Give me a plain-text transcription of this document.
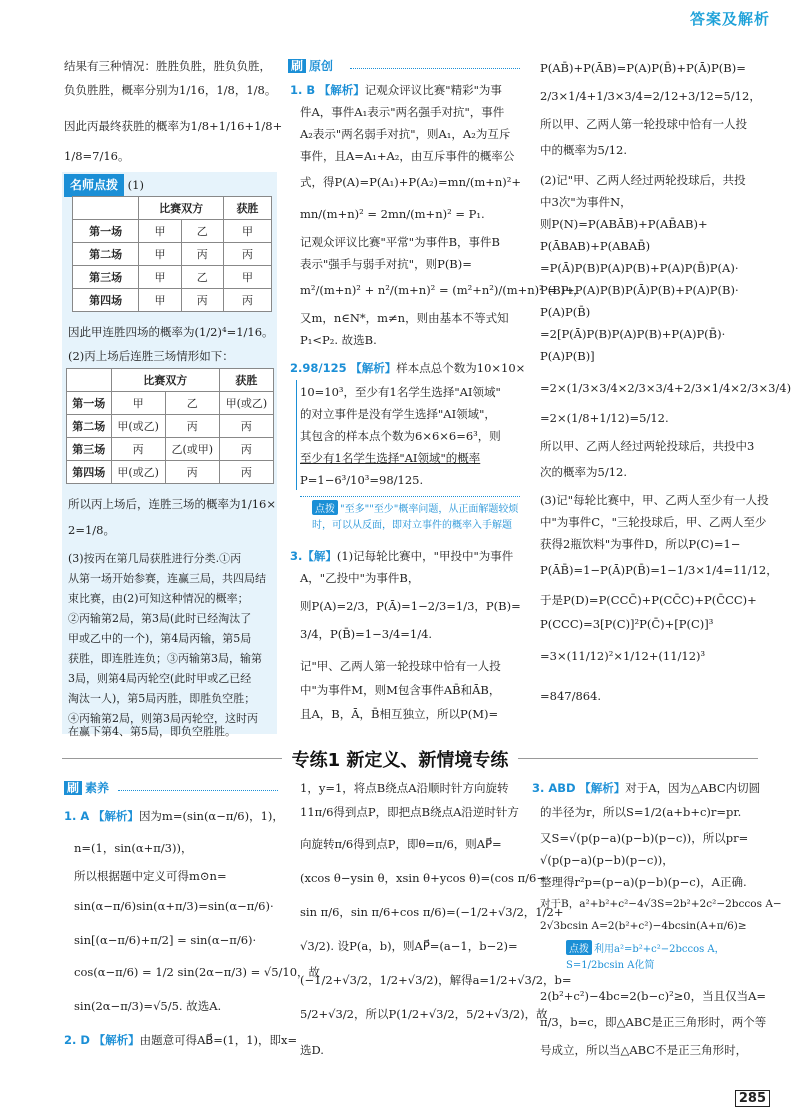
答案及解析
结果有三种情况：胜胜负胜，胜负负胜，
负负胜胜，概率分别为1/16，1/8，1/8。
因此丙最终获胜的概率为1/8+1/16+1/8+
1/8=7/16。
名师点拨 (1)
	比赛双方		获胜
第一场	甲	乙	甲
第二场	甲	丙	丙
第三场	甲	乙	甲
第四场	甲	丙	丙
因此甲连胜四场的概率为(1/2)⁴=1/16。
(2)丙上场后连胜三场情形如下：
	比赛双方		获胜
第一场	甲	乙	甲(或乙)
第二场	甲(或乙)	丙	丙
第三场	丙	乙(或甲)	丙
第四场	甲(或乙)	丙	丙
所以丙上场后，连胜三场的概率为1/16×
2=1/8。
(3)按丙在第几局获胜进行分类.①丙
从第一场开始参赛，连赢三局，共四局结
束比赛，由(2)可知这种情况的概率；
②丙输第2局，第3局(此时已经淘汰了
甲或乙中的一个)，第4局丙输，第5局
获胜，即连胜连负；③丙输第3局，输第
3局，则第4局丙轮空(此时甲或乙已经
淘汰一人)，第5局丙胜，即胜负空胜；
④丙输第2局，则第3局丙轮空，这时丙
在赢下第4、第5局，即负空胜胜。
刷 原创
1. B 【解析】记观众评议比赛"精彩"为事
件A，事件A₁表示"两名强手对抗"，事件
A₂表示"两名弱手对抗"，则A₁，A₂为互斥
事件，且A=A₁+A₂，由互斥事件的概率公
式，得P(A)=P(A₁)+P(A₂)=mn/(m+n)²+
mn/(m+n)² = 2mn/(m+n)² = P₁.
记观众评议比赛"平常"为事件B，事件B
表示"强手与弱手对抗"，则P(B)=
m²/(m+n)² + n²/(m+n)² = (m²+n²)/(m+n)² = P₂，
又m，n∈N*，m≠n，则由基本不等式知
P₁<P₂. 故选B.
2.98/125 【解析】样本点总个数为10×10×
10=10³，至少有1名学生选择"AI领域"
的对立事件是没有学生选择"AI领域"，
其包含的样本点个数为6×6×6=6³，则
至少有1名学生选择"AI领域"的概率
P=1−6³/10³=98/125.
点拨 "至多""至少"概率问题，从正面解题较烦时，可以从反面，即对立事件的概率入手解题
3.【解】(1)记每轮比赛中，"甲投中"为事件
A，"乙投中"为事件B，
则P(A)=2/3，P(Ā)=1−2/3=1/3，P(B)=
3/4，P(B̄)=1−3/4=1/4.
记"甲、乙两人第一轮投球中恰有一人投
中"为事件M，则M包含事件AB̄和ĀB，
且A，B，Ā，B̄相互独立，所以P(M)=
P(AB̄)+P(ĀB)=P(A)P(B̄)+P(Ā)P(B)=
2/3×1/4+1/3×3/4=2/12+3/12=5/12，
所以甲、乙两人第一轮投球中恰有一人投
中的概率为5/12.
(2)记"甲、乙两人经过两轮投球后，共投
中3次"为事件N，
则P(N)=P(ABĀB)+P(AB̄AB)+
P(ĀBAB)+P(ABAB̄)
=P(Ā)P(B)P(A)P(B)+P(A)P(B̄)P(A)·
P(B)+P(A)P(B)P(Ā)P(B)+P(A)P(B)·
P(A)P(B̄)
=2[P(Ā)P(B)P(A)P(B)+P(A)P(B̄)·
P(A)P(B)]
=2×(1/3×3/4×2/3×3/4+2/3×1/4×2/3×3/4)
=2×(1/8+1/12)=5/12.
所以甲、乙两人经过两轮投球后，共投中3
次的概率为5/12.
(3)记"每轮比赛中，甲、乙两人至少有一人投
中"为事件C，"三轮投球后，甲、乙两人至少
获得2瓶饮料"为事件D，所以P(C)=1−
P(ĀB̄)=1−P(Ā)P(B̄)=1−1/3×1/4=11/12，
于是P(D)=P(CCC̄)+P(CC̄C)+P(C̄CC)+
P(CCC)=3[P(C)]²P(C̄)+[P(C)]³
=3×(11/12)²×1/12+(11/12)³
=847/864.
专练1 新定义、新情境专练
刷 素养
1. A 【解析】因为m=(sin(α−π/6)，1)，
n=(1，sin(α+π/3))，
所以根据题中定义可得m⊙n=
sin(α−π/6)sin(α+π/3)=sin(α−π/6)·
sin[(α−π/6)+π/2] = sin(α−π/6)·
cos(α−π/6) = 1/2 sin(2α−π/3) = √5/10，故
sin(2α−π/3)=√5/5. 故选A.
2. D 【解析】由题意可得AB⃗=(1，1)，即x=
1，y=1，将点B绕点A沿顺时针方向旋转
11π/6得到点P，即把点B绕点A沿逆时针方
向旋转π/6得到点P，即θ=π/6，则AP⃗=
(xcos θ−ysin θ，xsin θ+ycos θ)=(cos π/6−
sin π/6，sin π/6+cos π/6)=(−1/2+√3/2，1/2+
√3/2). 设P(a，b)，则AP⃗=(a−1，b−2)=
(−1/2+√3/2，1/2+√3/2)，解得a=1/2+√3/2，b=
5/2+√3/2，所以P(1/2+√3/2，5/2+√3/2)，故
选D.
3. ABD 【解析】对于A，因为△ABC内切圆
的半径为r，所以S=1/2(a+b+c)r=pr.
又S=√(p(p−a)(p−b)(p−c))，所以pr=
√(p(p−a)(p−b)(p−c))，
整理得r²p=(p−a)(p−b)(p−c)，A正确.
对于B，a²+b²+c²−4√3S=2b²+2c²−2bccos A−
2√3bcsin A=2(b²+c²)−4bcsin(A+π/6)≥
点拨 利用a²=b²+c²−2bccos A，S=1/2bcsin A化简
2(b²+c²)−4bc=2(b−c)²≥0，当且仅当A=
π/3，b=c，即△ABC是正三角形时，两个等
号成立，所以当△ABC不是正三角形时，
285
